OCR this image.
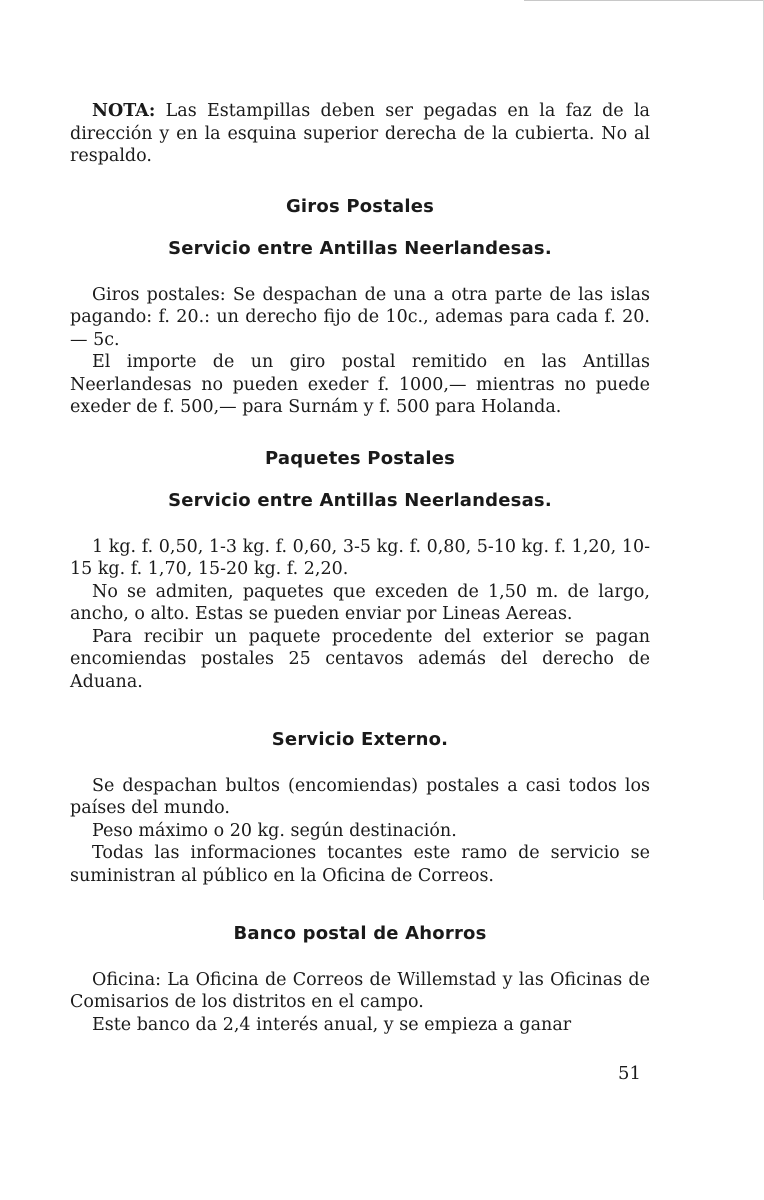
NOTA: Las Estampillas deben ser pegadas en la faz de la dirección y en la esquina superior derecha de la cubierta. No al respaldo.

Giros Postales
Servicio entre Antillas Neerlandesas.

Giros postales: Se despachan de una a otra parte de las islas pagando: f. 20.: un derecho fijo de 10c., ademas para cada f. 20.— 5c.

El importe de un giro postal remitido en las Antillas Neerlandesas no pueden exeder f. 1000,— mientras no puede exeder de f. 500,— para Surnám y f. 500 para Holanda.

Paquetes Postales
Servicio entre Antillas Neerlandesas.

1 kg. f. 0,50, 1-3 kg. f. 0,60, 3-5 kg. f. 0,80, 5-10 kg. f. 1,20, 10-15 kg. f. 1,70, 15-20 kg. f. 2,20.

No se admiten, paquetes que exceden de 1,50 m. de largo, ancho, o alto. Estas se pueden enviar por Lineas Aereas.

Para recibir un paquete procedente del exterior se pagan encomiendas postales 25 centavos además del derecho de Aduana.

Servicio Externo.

Se despachan bultos (encomiendas) postales a casi todos los países del mundo.

Peso máximo o 20 kg. según destinación.

Todas las informaciones tocantes este ramo de servicio se suministran al público en la Oficina de Correos.

Banco postal de Ahorros

Oficina: La Oficina de Correos de Willemstad y las Oficinas de Comisarios de los distritos en el campo.

Este banco da 2,4 interés anual, y se empieza a ganar

51
